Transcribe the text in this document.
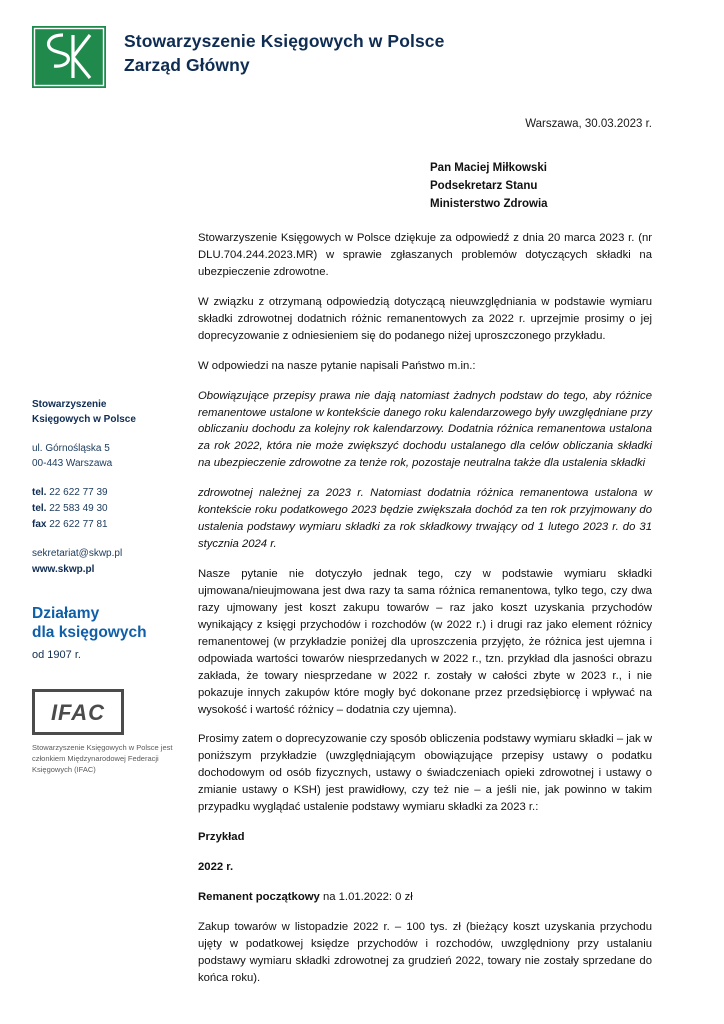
Stowarzyszenie Księgowych w Polsce
Zarząd Główny
Warszawa, 30.03.2023 r.
Pan Maciej Miłkowski
Podsekretarz Stanu
Ministerstwo Zdrowia
Stowarzyszenie
Księgowych w Polsce
ul. Górnośląska 5
00-443 Warszawa
tel. 22 622 77 39
tel. 22 583 49 30
fax 22 622 77 81
sekretariat@skwp.pl
www.skwp.pl
Działamy
dla księgowych
od 1907 r.
IFAC
Stowarzyszenie Księgowych w Polsce jest członkiem Międzynarodowej Federacji Księgowych (IFAC)

Stowarzyszenie Księgowych w Polsce dziękuje za odpowiedź z dnia 20 marca 2023 r. (nr DLU.704.244.2023.MR) w sprawie zgłaszanych problemów dotyczących składki na ubezpieczenie zdrowotne.

W związku z otrzymaną odpowiedzią dotyczącą nieuwzględniania w podstawie wymiaru składki zdrowotnej dodatnich różnic remanentowych za 2022 r. uprzejmie prosimy o jej doprecyzowanie z odniesieniem się do podanego niżej uproszczonego przykładu.

W odpowiedzi na nasze pytanie napisali Państwo m.in.:

Obowiązujące przepisy prawa nie dają natomiast żadnych podstaw do tego, aby różnice remanentowe ustalone w kontekście danego roku kalendarzowego były uwzględniane przy obliczaniu dochodu za kolejny rok kalendarzowy. Dodatnia różnica remanentowa ustalona za rok 2022, która nie może zwiększyć dochodu ustalanego dla celów obliczania składki na ubezpieczenie zdrowotne za tenże rok, pozostaje neutralna także dla ustalenia składki

zdrowotnej należnej za 2023 r. Natomiast dodatnia różnica remanentowa ustalona w kontekście roku podatkowego 2023 będzie zwiększała dochód za ten rok przyjmowany do ustalenia podstawy wymiaru składki za rok składkowy trwający od 1 lutego 2023 r. do 31 stycznia 2024 r.

Nasze pytanie nie dotyczyło jednak tego, czy w podstawie wymiaru składki ujmowana/nieujmowana jest dwa razy ta sama różnica remanentowa, tylko tego, czy dwa razy ujmowany jest koszt zakupu towarów – raz jako koszt uzyskania przychodów wynikający z księgi przychodów i rozchodów (w 2022 r.) i drugi raz jako element różnicy remanentowej (w przykładzie poniżej dla uproszczenia przyjęto, że różnica jest ujemna i odpowiada wartości towarów niesprzedanych w 2022 r., tzn. przykład dla jasności obrazu zakłada, że towary niesprzedane w 2022 r. zostały w całości zbyte w 2023 r., i nie pokazuje innych zakupów które mogły być dokonane przez przedsiębiorcę i wpływać na wysokość i wartość różnicy – dodatnia czy ujemna).

Prosimy zatem o doprecyzowanie czy sposób obliczenia podstawy wymiaru składki – jak w poniższym przykładzie (uwzględniającym obowiązujące przepisy ustawy o podatku dochodowym od osób fizycznych, ustawy o świadczeniach opieki zdrowotnej i ustawy o zmianie ustawy o KSH) jest prawidłowy, czy też nie – a jeśli nie, jak powinno w takim przypadku wyglądać ustalenie podstawy wymiaru składki za 2023 r.:

Przykład

2022 r.

Remanent początkowy na 1.01.2022: 0 zł

Zakup towarów w listopadzie 2022 r. – 100 tys. zł (bieżący koszt uzyskania przychodu ujęty w podatkowej księdze przychodów i rozchodów, uwzględniony przy ustalaniu podstawy wymiaru składki zdrowotnej za grudzień 2022, towary nie zostały sprzedane do końca roku).
